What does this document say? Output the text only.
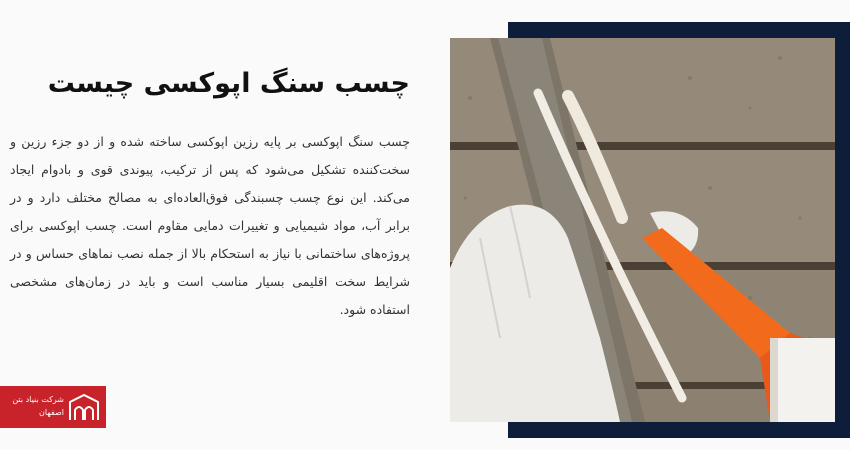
چسب سنگ اپوکسی چیست

چسب سنگ اپوکسی بر پایه رزین اپوکسی ساخته شده و از دو جزء رزین و سخت‌کننده تشکیل می‌شود که پس از ترکیب، پیوندی قوی و بادوام ایجاد می‌کند. این نوع چسب چسبندگی فوق‌العاده‌ای به مصالح مختلف دارد و در برابر آب، مواد شیمیایی و تغییرات دمایی مقاوم است. چسب اپوکسی برای پروژه‌های ساختمانی با نیاز به استحکام بالا از جمله نصب نماهای حساس و در شرایط سخت اقلیمی بسیار مناسب است و باید در زمان‌های مشخصی استفاده شود.

شرکت بنیاد بتن
اصفهان
